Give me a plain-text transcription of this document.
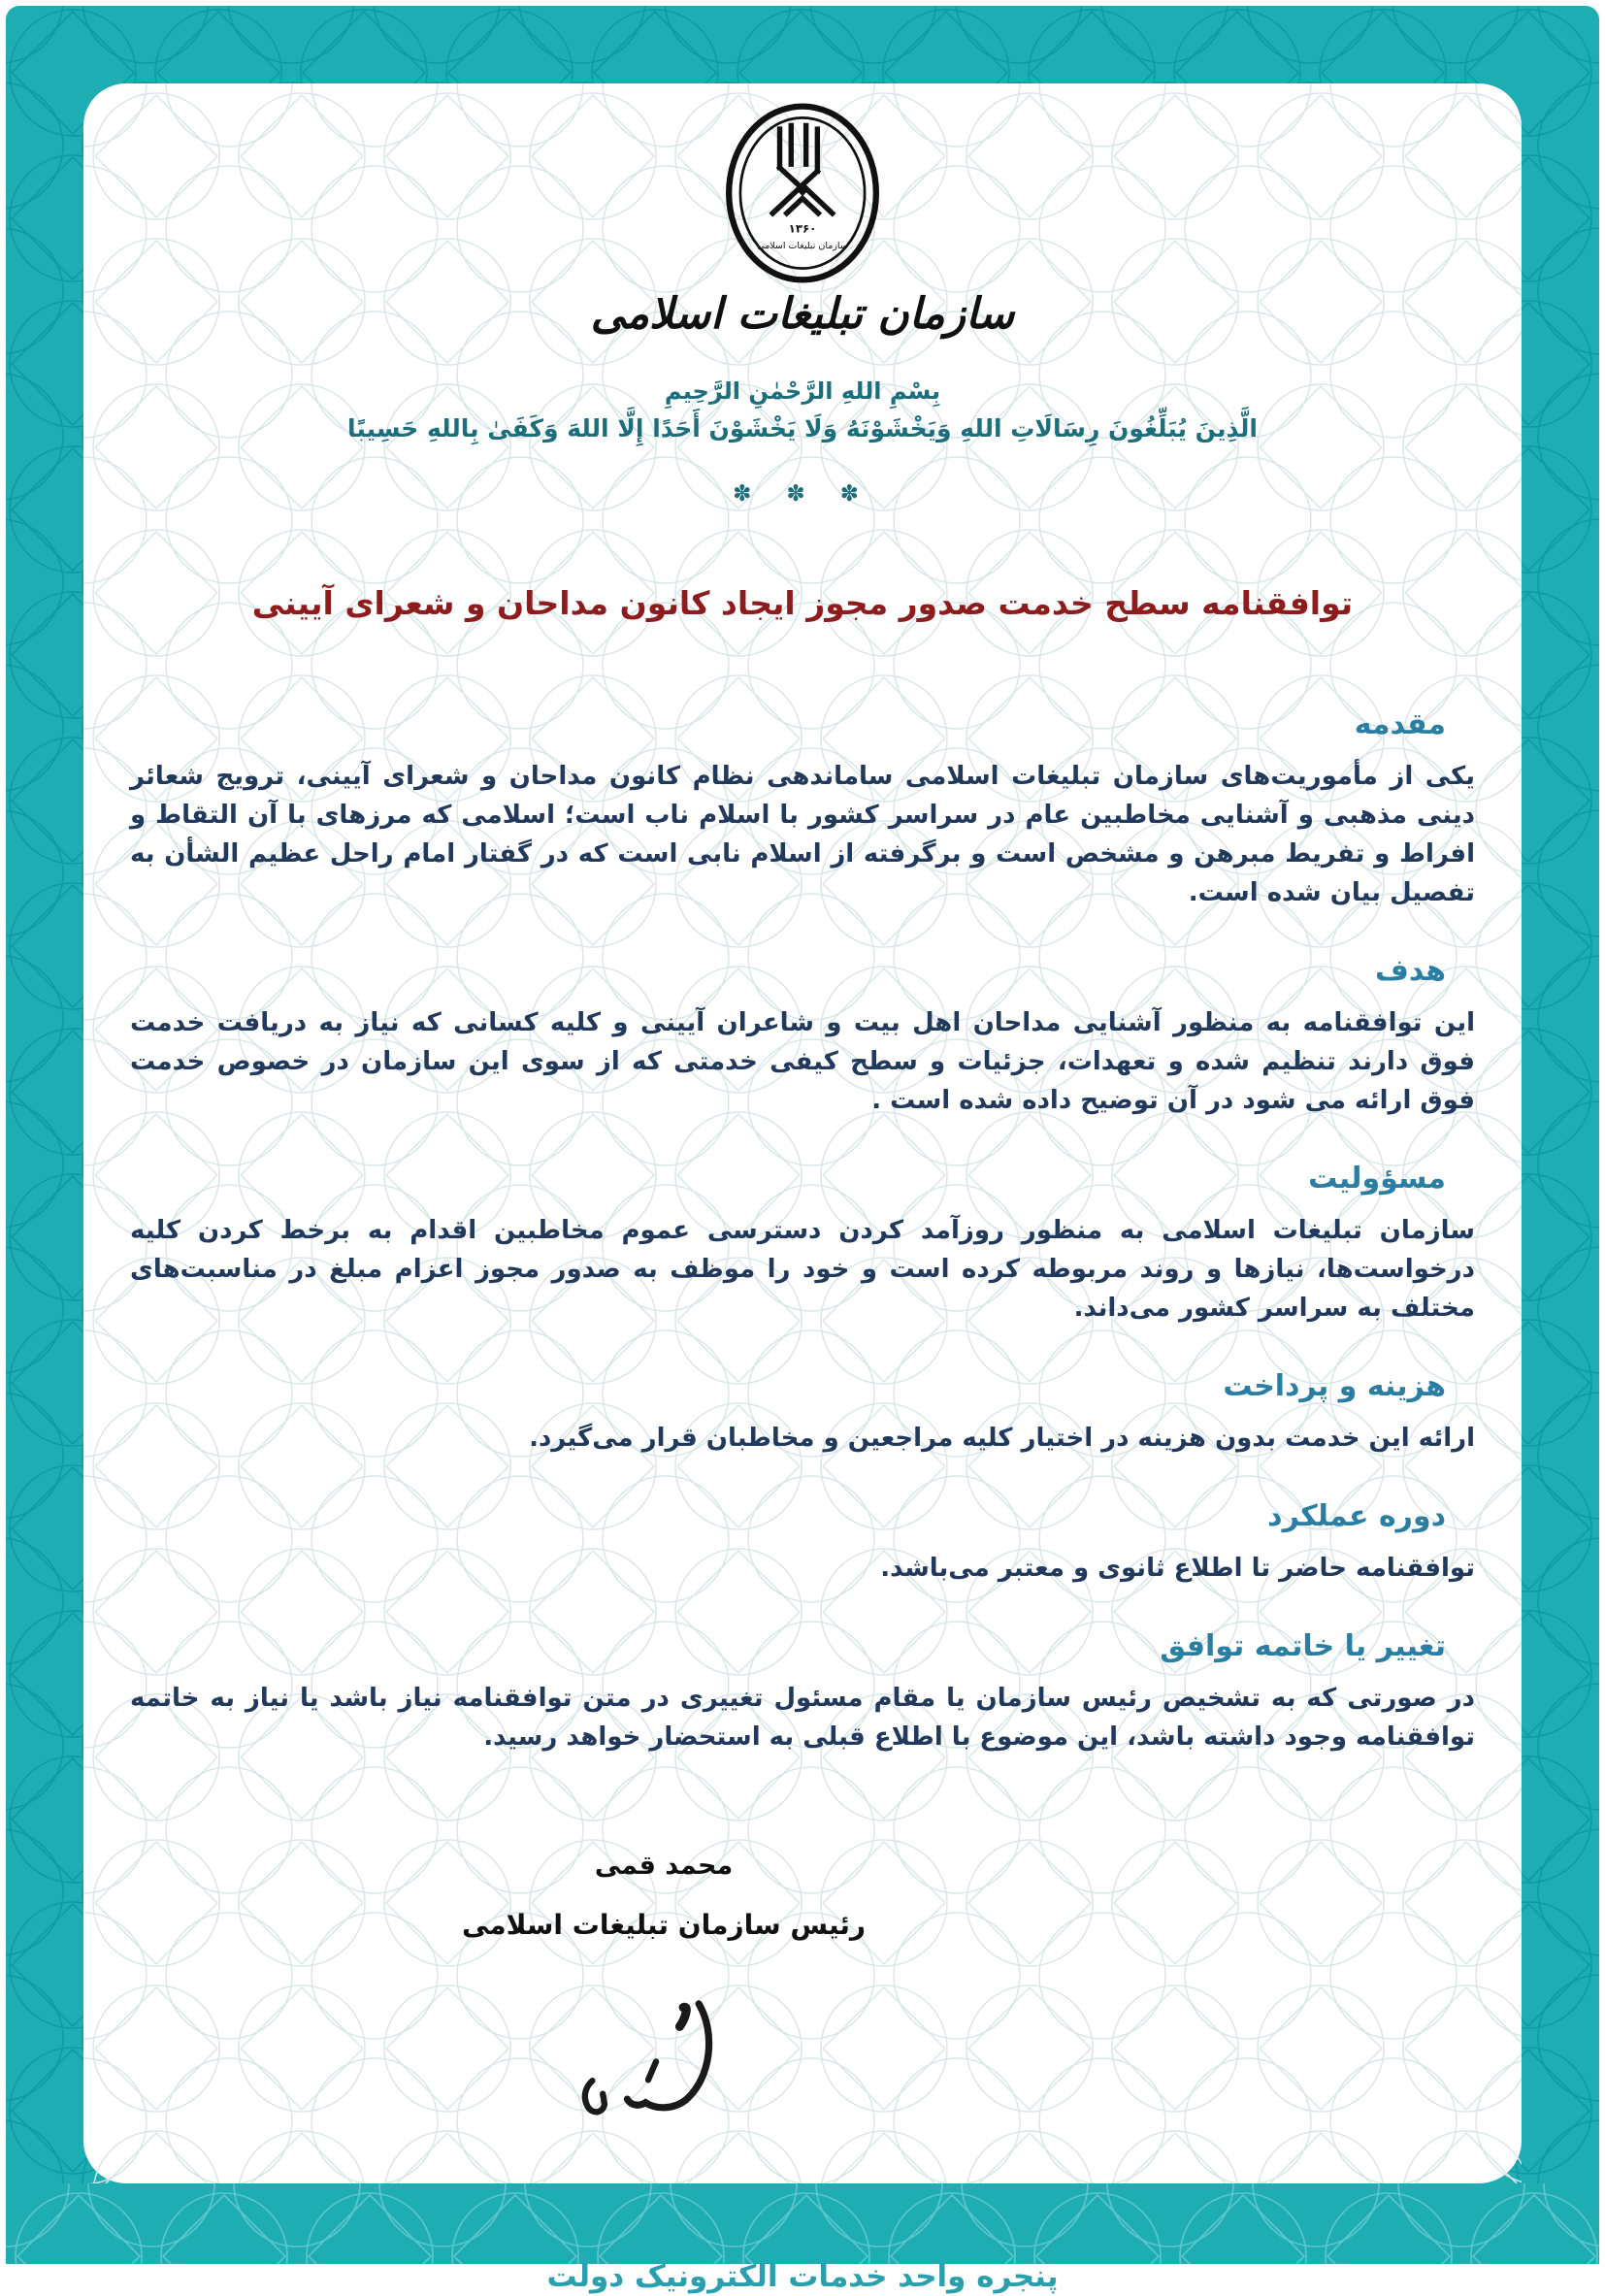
۱۳۶۰
سازمان تبلیغات اسلامی
سازمان تبلیغات اسلامی
بِسْمِ اللهِ الرَّحْمٰنِ الرَّحِيمِ
الَّذِينَ يُبَلِّغُونَ رِسَالَاتِ اللهِ وَيَخْشَوْنَهُ وَلَا يَخْشَوْنَ أَحَدًا إِلَّا اللهَ وَكَفَىٰ بِاللهِ حَسِيبًا
✽ ✽ ✽
توافقنامه سطح خدمت صدور مجوز ایجاد کانون مداحان و شعرای آیینی
مقدمه

یکی از مأموریت‌های سازمان تبلیغات اسلامی ساماندهی نظام کانون مداحان و شعرای آیینی، ترویج شعائر دینی مذهبی و آشنایی مخاطبین عام در سراسر کشور با اسلام ناب است؛ اسلامی که مرزهای با آن التقاط و افراط و تفریط مبرهن و مشخص است و برگرفته از اسلام نابی است که در گفتار امام راحل عظیم الشأن به تفصیل بیان شده است.

هدف

این توافقنامه به منظور آشنایی مداحان اهل بیت و شاعران آیینی و کلیه کسانی که نیاز به دریافت خدمت فوق دارند تنظیم شده و تعهدات، جزئیات و سطح کیفی خدمتی که از سوی این سازمان در خصوص خدمت فوق ارائه می شود در آن توضیح داده شده است .

مسؤولیت

سازمان تبلیغات اسلامی به منظور روزآمد کردن دسترسی عموم مخاطبین اقدام به برخط کردن کلیه درخواست‌ها، نیازها و روند مربوطه کرده است و خود را موظف به صدور مجوز اعزام مبلغ در مناسبت‌های مختلف به سراسر کشور می‌داند.

هزینه و پرداخت

ارائه این خدمت بدون هزینه در اختیار کلیه مراجعین و مخاطبان قرار می‌گیرد.

دوره عملکرد

توافقنامه حاضر تا اطلاع ثانوی و معتبر می‌باشد.

تغییر یا خاتمه توافق

در صورتی که به تشخیص رئیس سازمان یا مقام مسئول تغییری در متن توافقنامه نیاز باشد یا نیاز به خاتمه توافقنامه وجود داشته باشد، این موضوع با اطلاع قبلی به استحضار خواهد رسید.

محمد قمی
رئیس سازمان تبلیغات اسلامی
پنجره واحد خدمات الکترونیک دولت
